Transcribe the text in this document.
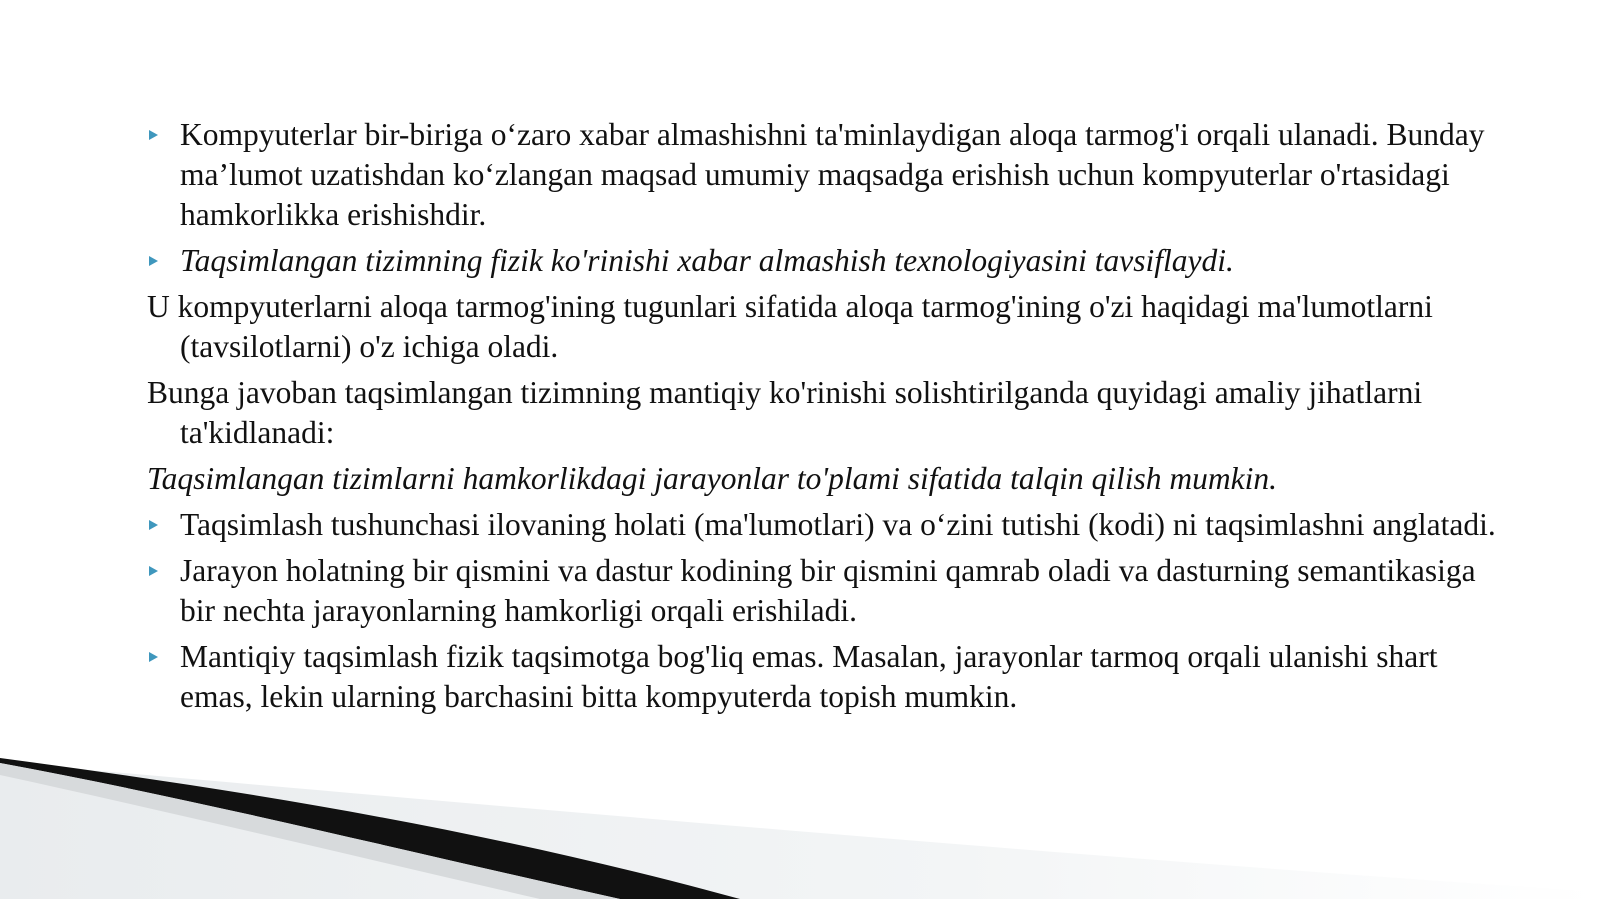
Kompyuterlar bir-biriga o‘zaro xabar almashishni ta'minlaydigan aloqa tarmog'i orqali ulanadi. Bunday ma’lumot uzatishdan ko‘zlangan maqsad umumiy maqsadga erishish uchun kompyuterlar o'rtasidagi hamkorlikka erishishdir.

Taqsimlangan tizimning fizik ko'rinishi xabar almashish texnologiyasini tavsiflaydi.

U kompyuterlarni aloqa tarmog'ining tugunlari sifatida aloqa tarmog'ining o'zi haqidagi ma'lumotlarni (tavsilotlarni) o'z ichiga oladi.

Bunga javoban taqsimlangan tizimning mantiqiy ko'rinishi solishtirilganda quyidagi amaliy jihatlarni ta'kidlanadi:

Taqsimlangan tizimlarni hamkorlikdagi jarayonlar to'plami sifatida talqin qilish mumkin.

Taqsimlash tushunchasi ilovaning holati (ma'lumotlari) va o‘zini tutishi (kodi) ni taqsimlashni anglatadi.

Jarayon holatning bir qismini va dastur kodining bir qismini qamrab oladi va dasturning semantikasiga bir nechta jarayonlarning hamkorligi orqali erishiladi.

Mantiqiy taqsimlash fizik taqsimotga bog'liq emas. Masalan, jarayonlar tarmoq orqali ulanishi shart emas, lekin ularning barchasini bitta kompyuterda topish mumkin.
